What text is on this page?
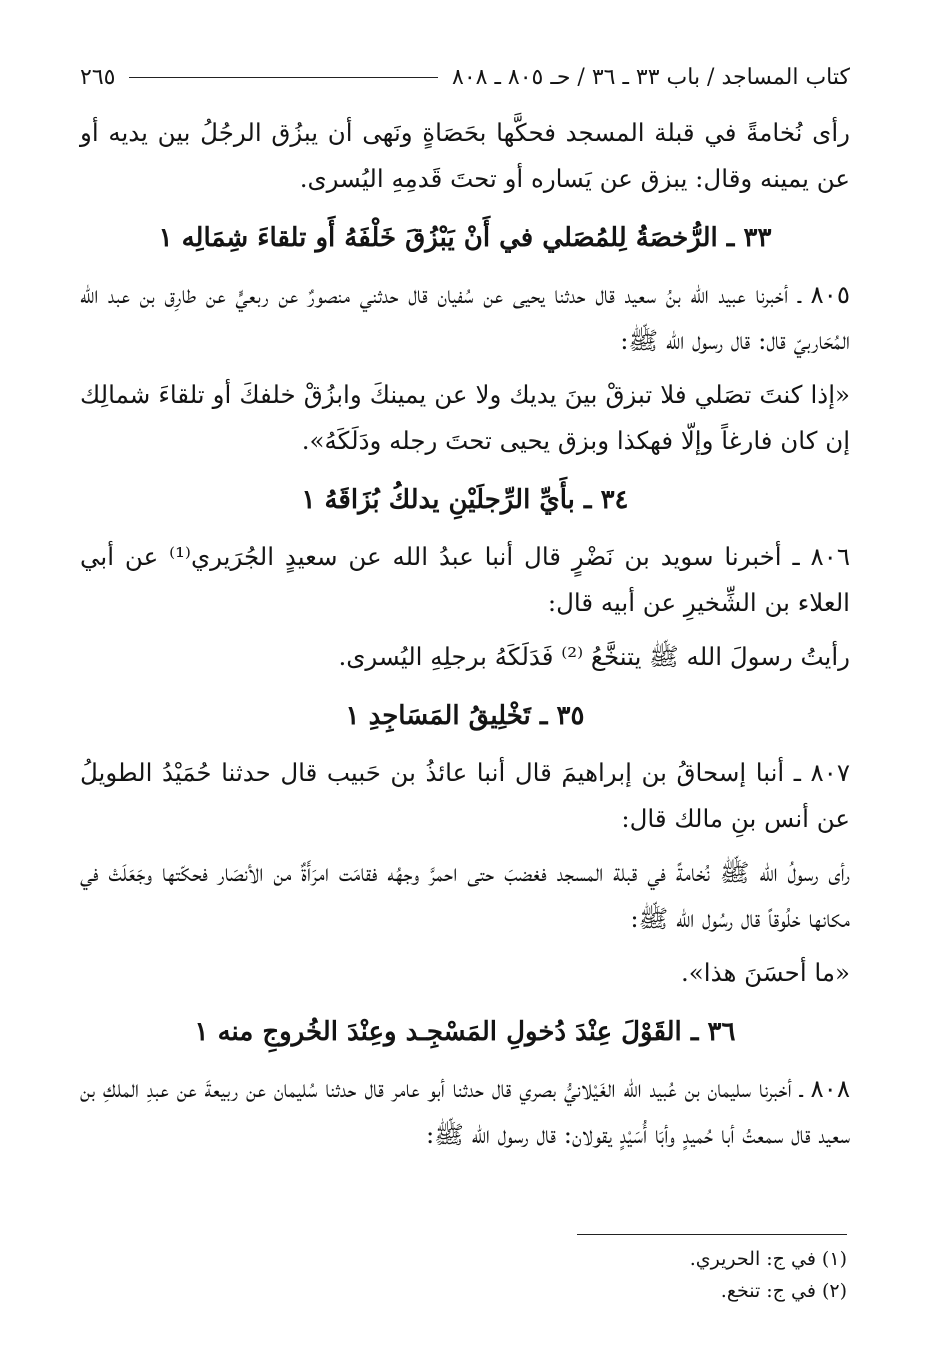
كتاب المساجد / باب ٣٣ ـ ٣٦ / حـ ٨٠٥ ـ ٨٠٨
٢٦٥

رأى نُخامةً في قبلة المسجد فحكَّها بحَصَاةٍ ونَهى أن يبزُق الرجُلُ بين يديه أو عن يمينه وقال: يبزق عن يَساره أو تحتَ قَدمِهِ اليُسرى.

٣٣ ـ الرُّخصَةُ لِلمُصَلي في أَنْ يَبْزُقَ خَلْفَهُ أَو تلقاءَ شِمَالِه ١

٨٠٥ ـ أخبرنا عبيد الله بنُ سعيد قال حدثنا يحيى عن سُفيان قال حدثني منصورٌ عن ربعيٍّ عن طارِق بن عبد الله المُحَاربيّ قال: قال رسول الله ﷺ:

«إذا كنتَ تصَلي فلا تبزقْ بينَ يديك ولا عن يمينكَ وابزُقْ خلفكَ أو تلقاءَ شمالِك إن كان فارغاً وإلّا فهكذا وبزق يحيى تحتَ رجله ودَلَكَهُ».

٣٤ ـ بأَيِّ الرِّجلَيْنِ يدلكُ بُزَاقَهُ ١

٨٠٦ ـ أخبرنا سويد بن نَضْرٍ قال أنبا عبدُ الله عن سعيدٍ الجُرَيري⁽¹⁾ عن أبي العلاء بن الشِّخيرِ عن أبيه قال:

رأيتُ رسولَ الله ﷺ يتنخَّعُ ⁽²⁾ فَدَلَكَهُ برجلِهِ اليُسرى.

٣٥ ـ تَخْلِيقُ المَسَاجِدِ ١

٨٠٧ ـ أنبا إسحاقُ بن إبراهيمَ قال أنبا عائذُ بن حَبيب قال حدثنا حُمَيْدُ الطويلُ عن أنس بنِ مالك قال:

رأى رسولُ الله ﷺ نُخامةً في قبلة المسجد فغضبَ حتى احمرَّ وجهُه فقامَت امرَأَةٌ من الأنصَار فحكّتها وجَعَلَتْ في مكانها خلُوقاً قال رسُول الله ﷺ:

«ما أحسَنَ هذا».

٣٦ ـ القَوْلَ عِنْدَ دُخولِ المَسْجِـد وعِنْدَ الخُروجِ منه ١

٨٠٨ ـ أخبرنا سليمان بن عُبيد الله الغَيْلانيُّ بصري قال حدثنا أبو عامر قال حدثنا سُليمان عن ربيعةَ عن عبدِ الملكِ بن سعيد قال سمعتُ أبا حُميدٍ وأبَا أُسَيْدٍ يقولان: قال رسول الله ﷺ:

(١) في ج: الحريري.
(٢) في ج: تنخع.
